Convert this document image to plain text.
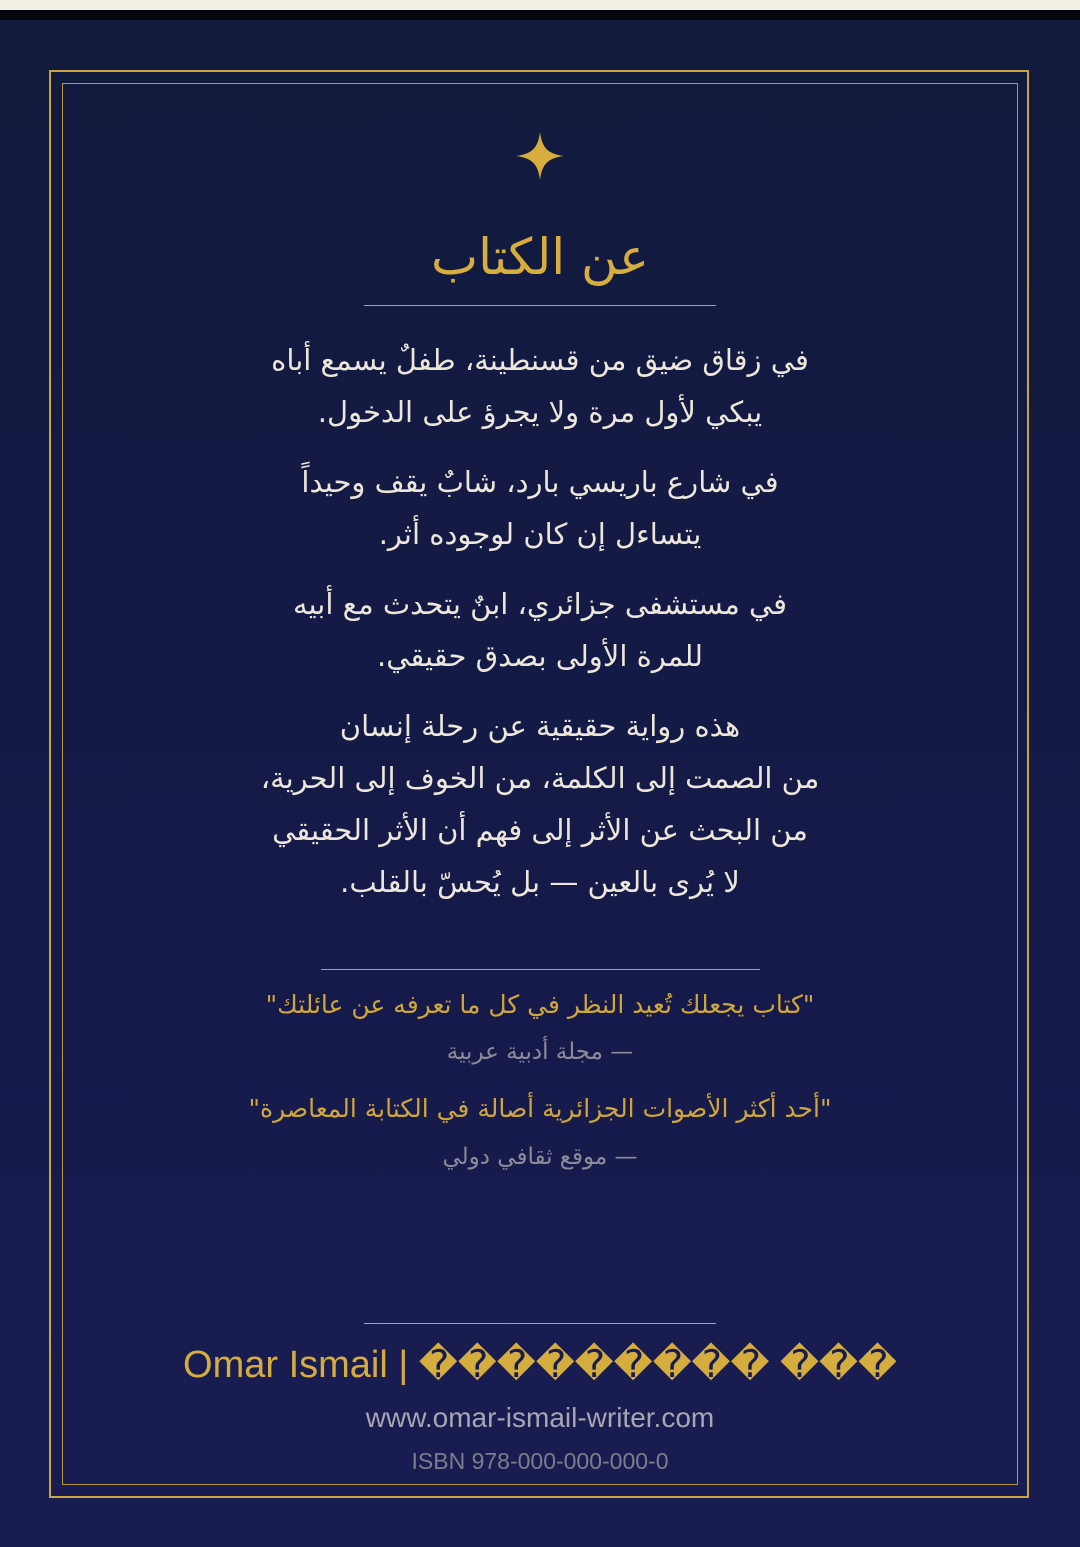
عن الكتاب

في زقاق ضيق من قسنطينة، طفلٌ يسمع أباه
يبكي لأول مرة ولا يجرؤ على الدخول.

في شارع باريسي بارد، شابٌ يقف وحيداً
يتساءل إن كان لوجوده أثر.

في مستشفى جزائري، ابنٌ يتحدث مع أبيه
للمرة الأولى بصدق حقيقي.

هذه رواية حقيقية عن رحلة إنسان
من الصمت إلى الكلمة، من الخوف إلى الحرية،
من البحث عن الأثر إلى فهم أن الأثر الحقيقي
لا يُرى بالعين — بل يُحسّ بالقلب.

"كتاب يجعلك تُعيد النظر في كل ما تعرفه عن عائلتك"
— مجلة أدبية عربية
"أحد أكثر الأصوات الجزائرية أصالة في الكتابة المعاصرة"
— موقع ثقافي دولي
Omar Ismail | ��������� ���
www.omar-ismail-writer.com
ISBN 978-000-000-000-0
